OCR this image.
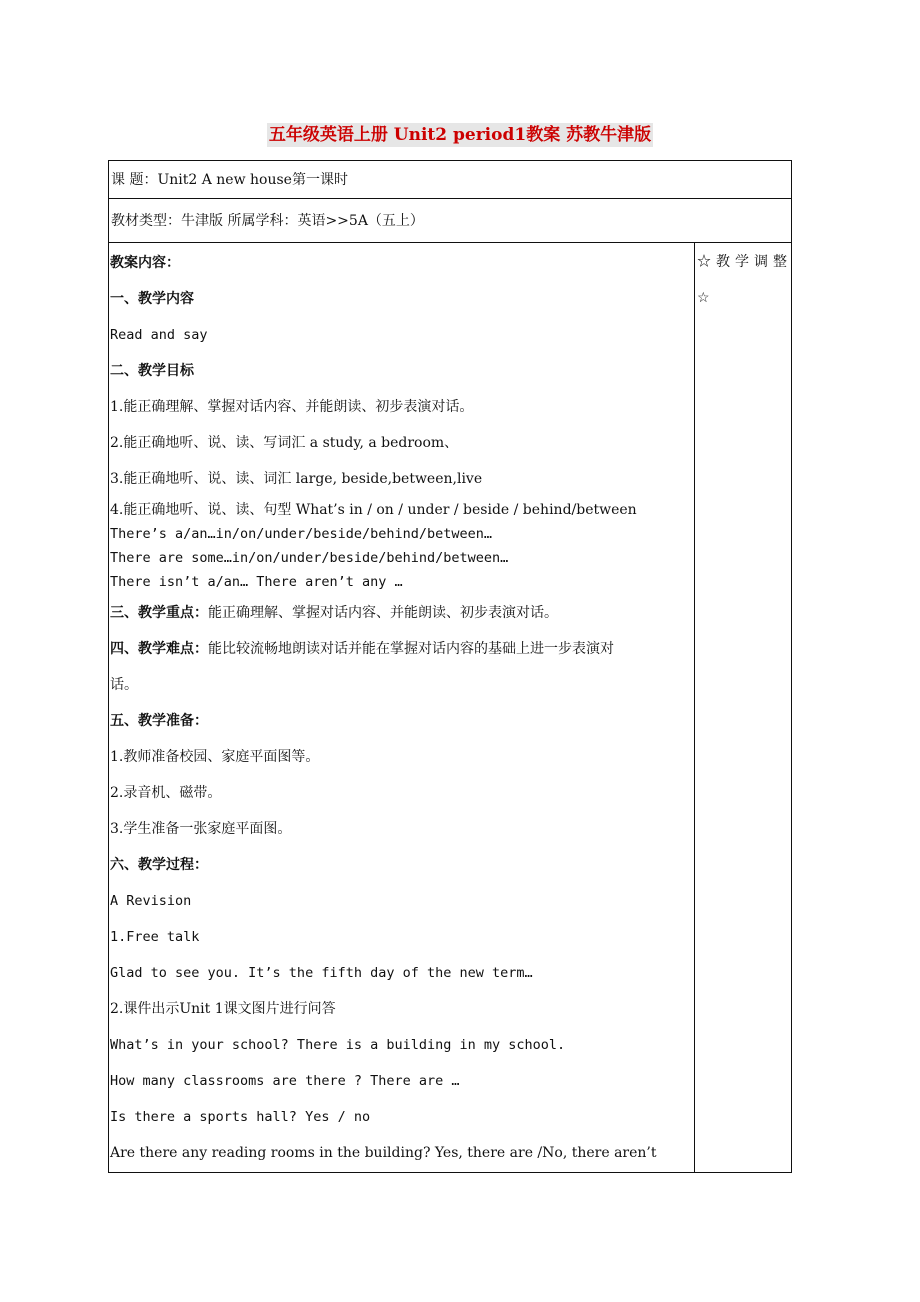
五年级英语上册 Unit2 period1教案 苏教牛津版
课 题：Unit2 A new house第一课时
教材类型：牛津版 所属学科：英语>>5A（五上）
教案内容：
一、教学内容
Read and say
二、教学目标
1.能正确理解、掌握对话内容、并能朗读、初步表演对话。
2.能正确地听、说、读、写词汇 a study, a bedroom、
3.能正确地听、说、读、词汇 large, beside,between,live
4.能正确地听、说、读、句型 What’s in / on / under / beside / behind/between
There’s a/an…in/on/under/beside/behind/between…
There are some…in/on/under/beside/behind/between…
There isn’t a/an… There aren’t any …
三、教学重点：能正确理解、掌握对话内容、并能朗读、初步表演对话。
四、教学难点：能比较流畅地朗读对话并能在掌握对话内容的基础上进一步表演对
话。
五、教学准备：
1.教师准备校园、家庭平面图等。
2.录音机、磁带。
3.学生准备一张家庭平面图。
六、教学过程：
A Revision
1.Free talk
Glad to see you. It’s the fifth day of the new term…
2.课件出示Unit 1课文图片进行问答
What’s in your school? There is a building in my school.
How many classrooms are there ? There are …
Is there a sports hall? Yes / no
Are there any reading rooms in the building? Yes, there are /No, there aren’t
☆教学调整
☆
